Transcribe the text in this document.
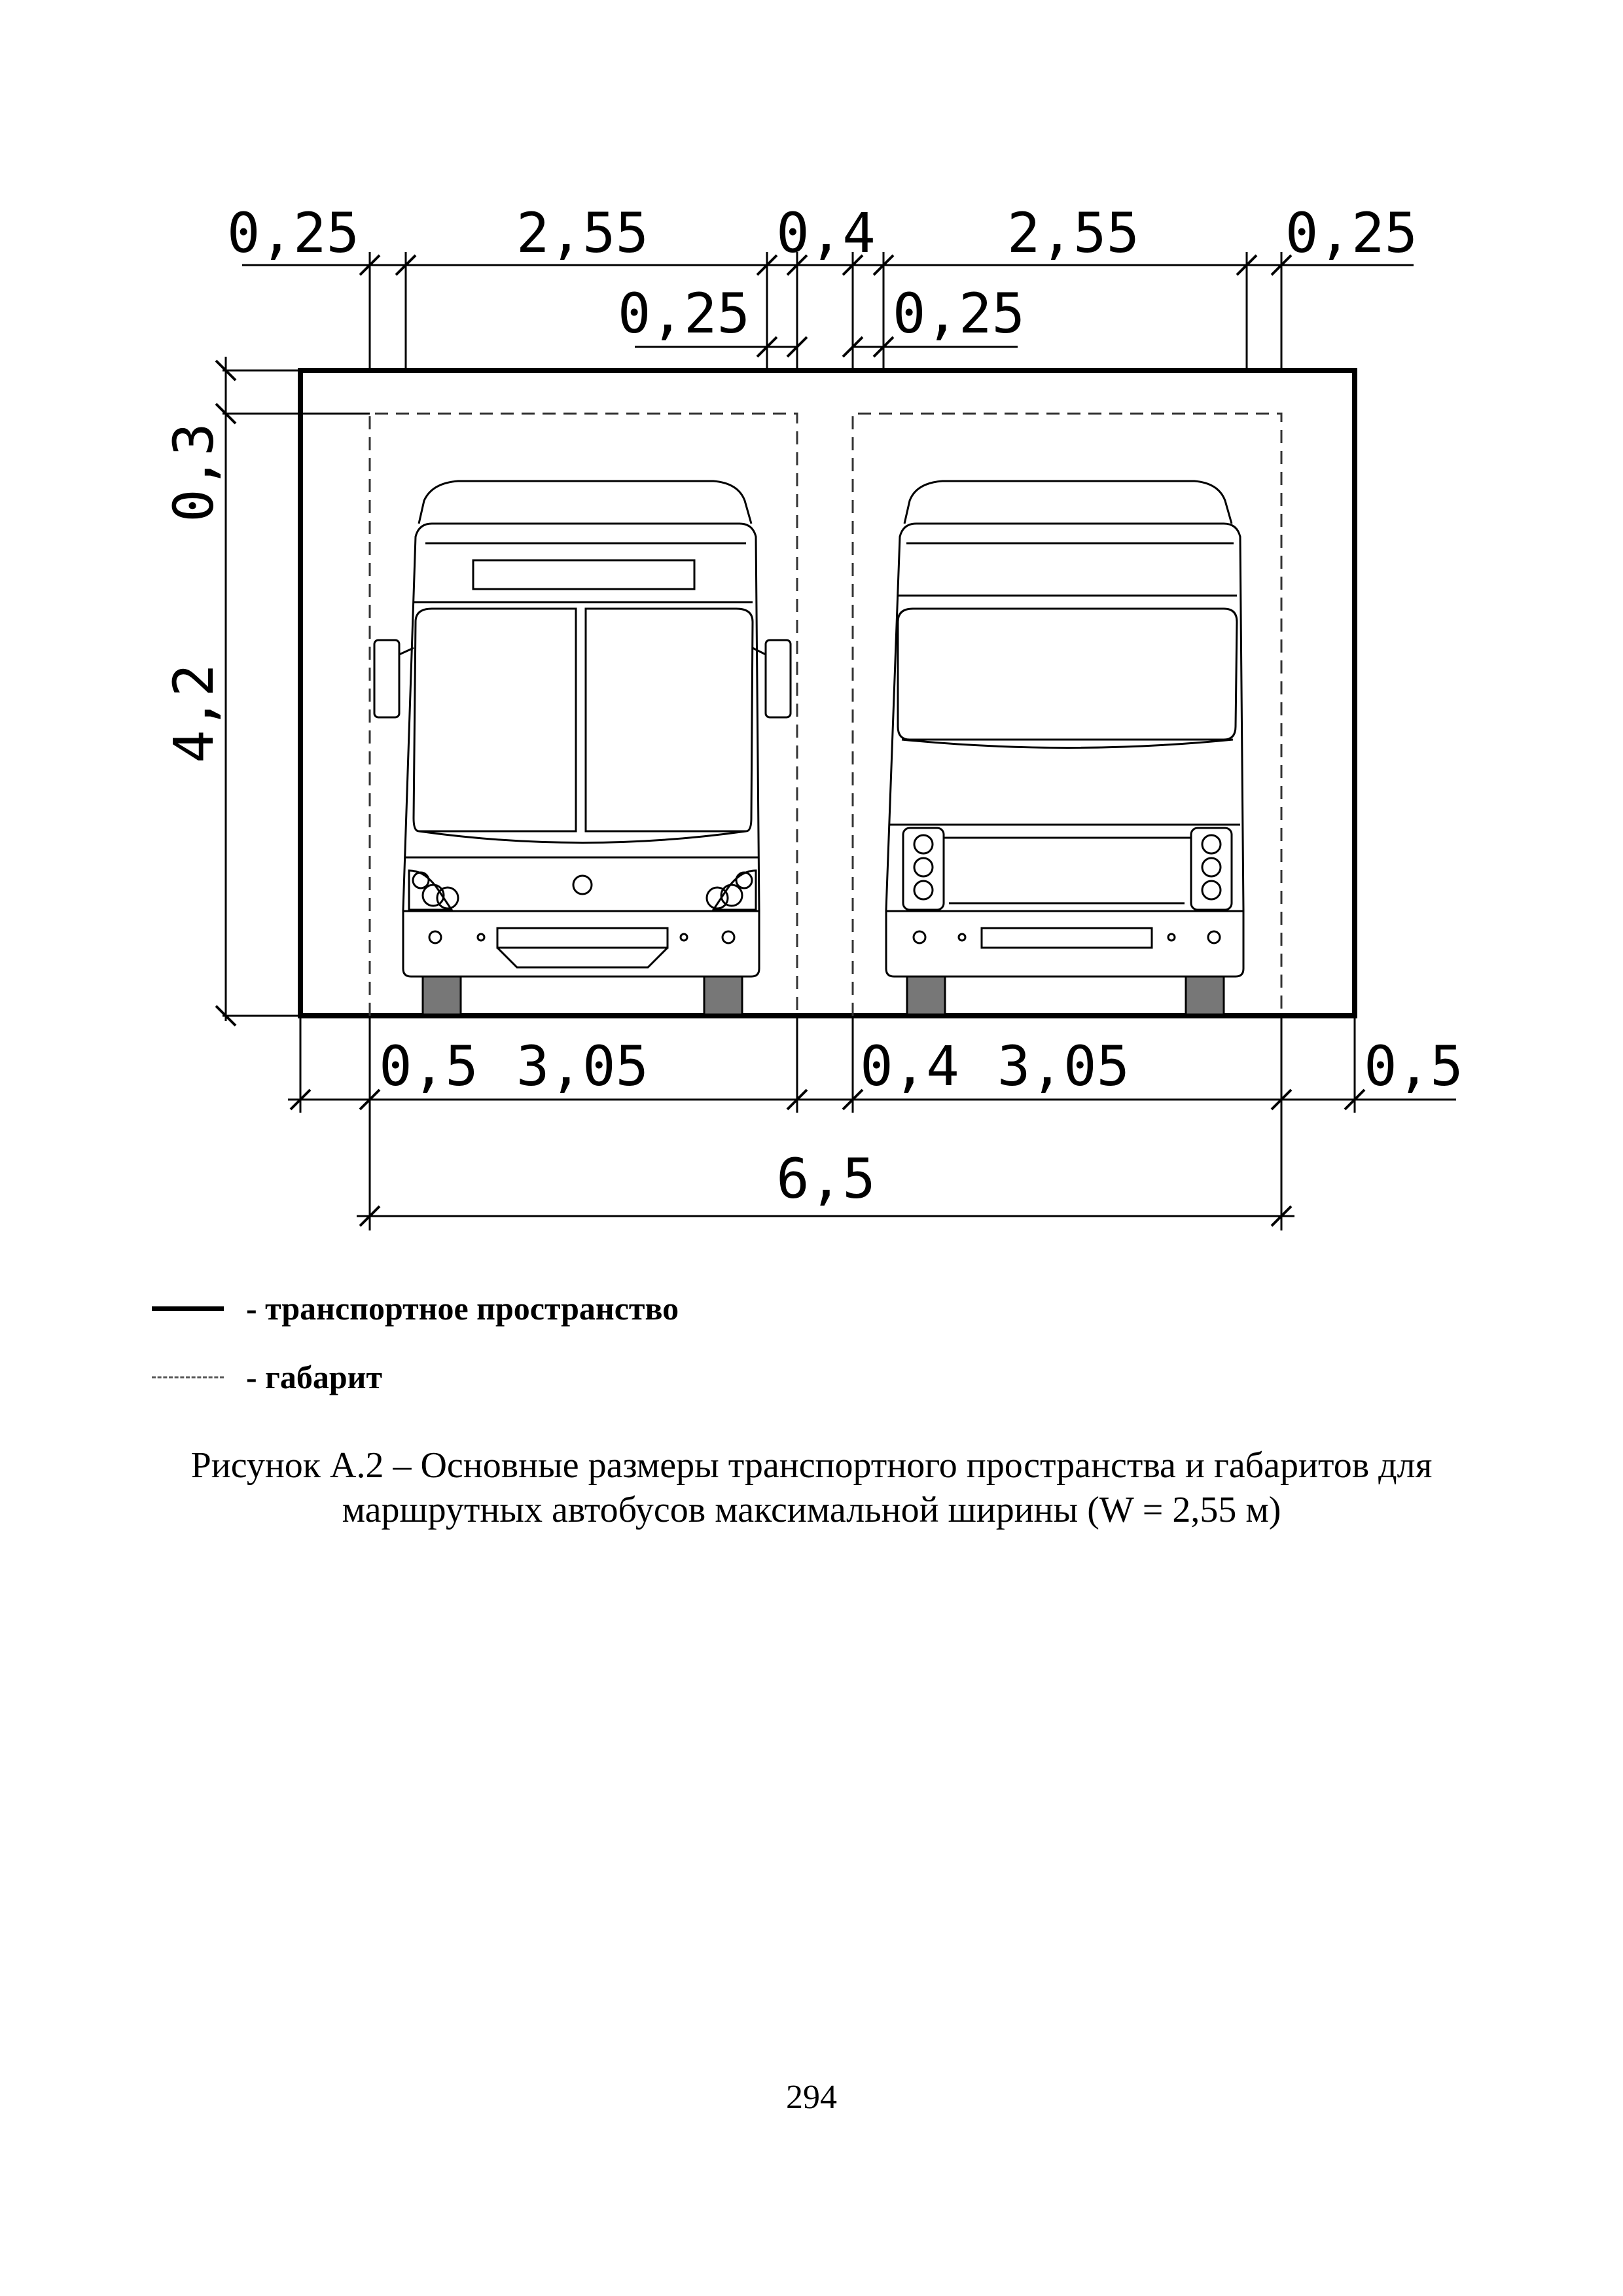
0,25	2,55 0,4 2,55	0,25
0,25	0,25
0,3
4,2
0,5 3,05	0,4 3,05	0,5
6,5
- транспортное пространство
- габарит
Рисунок А.2 – Основные размеры транспортного пространства и габаритов для
маршрутных автобусов максимальной ширины (W = 2,55 м)
294
